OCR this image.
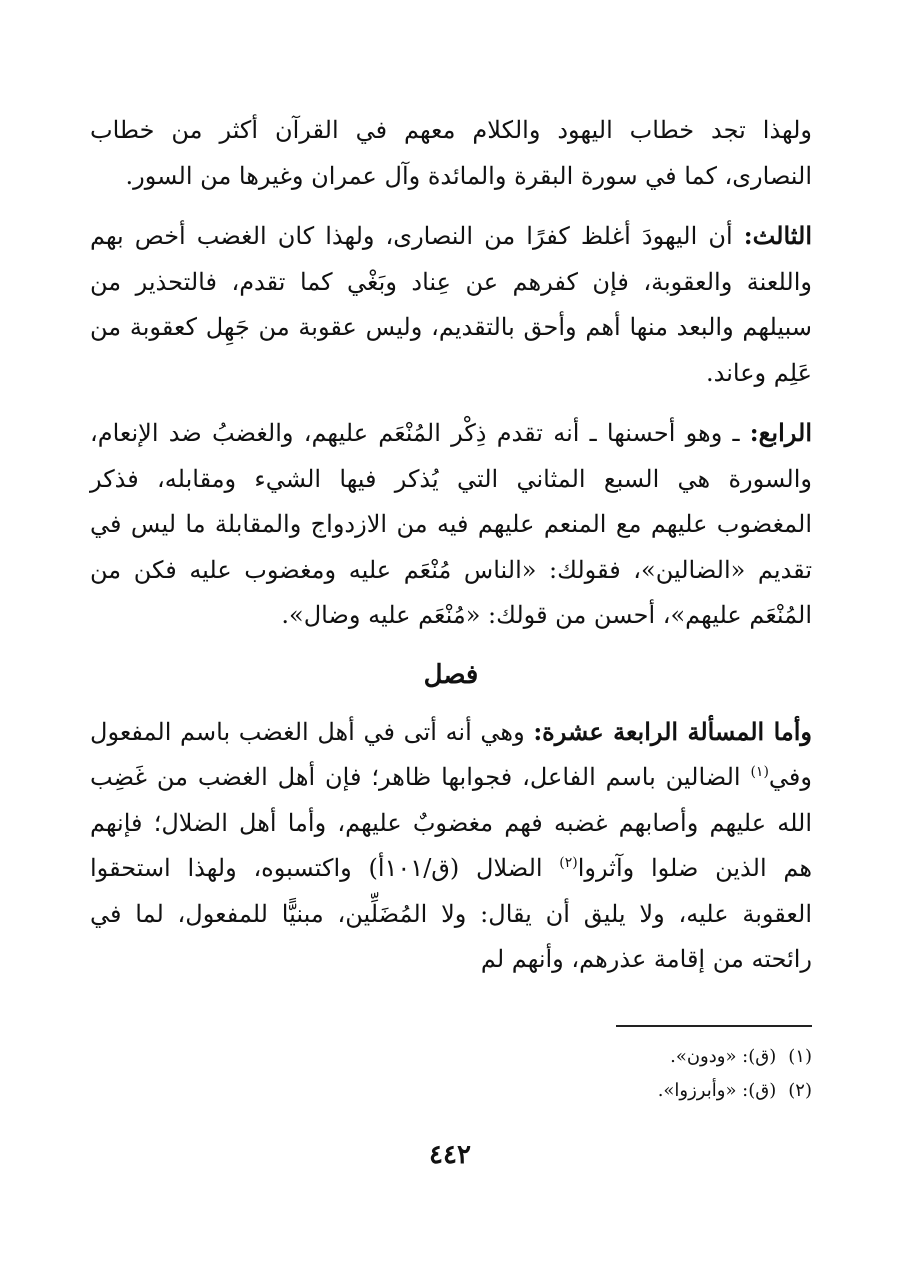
ولهذا تجد خطاب اليهود والكلام معهم في القرآن أكثر من خطاب النصارى، كما في سورة البقرة والمائدة وآل عمران وغيرها من السور.

الثالث: أن اليهودَ أغلظ كفرًا من النصارى، ولهذا كان الغضب أخص بهم واللعنة والعقوبة، فإن كفرهم عن عِناد وبَغْي كما تقدم، فالتحذير من سبيلهم والبعد منها أهم وأحق بالتقديم، وليس عقوبة من جَهِل كعقوبة من عَلِم وعاند.

الرابع: ـ وهو أحسنها ـ أنه تقدم ذِكْر المُنْعَم عليهم، والغضبُ ضد الإنعام، والسورة هي السبع المثاني التي يُذكر فيها الشيء ومقابله، فذكر المغضوب عليهم مع المنعم عليهم فيه من الازدواج والمقابلة ما ليس في تقديم «الضالين»، فقولك: «الناس مُنْعَم عليه ومغضوب عليه فكن من المُنْعَم عليهم»، أحسن من قولك: «مُنْعَم عليه وضال».

فصل

وأما المسألة الرابعة عشرة: وهي أنه أتى في أهل الغضب باسم المفعول وفي$^{(١)}$ الضالين باسم الفاعل، فجوابها ظاهر؛ فإن أهل الغضب من غَضِب الله عليهم وأصابهم غضبه فهم مغضوبٌ عليهم، وأما أهل الضلال؛ فإنهم هم الذين ضلوا وآثروا$^{(٢)}$ الضلال (ق/١٠١أ) واكتسبوه، ولهذا استحقوا العقوبة عليه، ولا يليق أن يقال: ولا المُضَلِّين، مبنيًّا للمفعول، لما في رائحته من إقامة عذرهم، وأنهم لم

(١)(ق): «ودون».
(٢)(ق): «وأبرزوا».
٤٤٢
